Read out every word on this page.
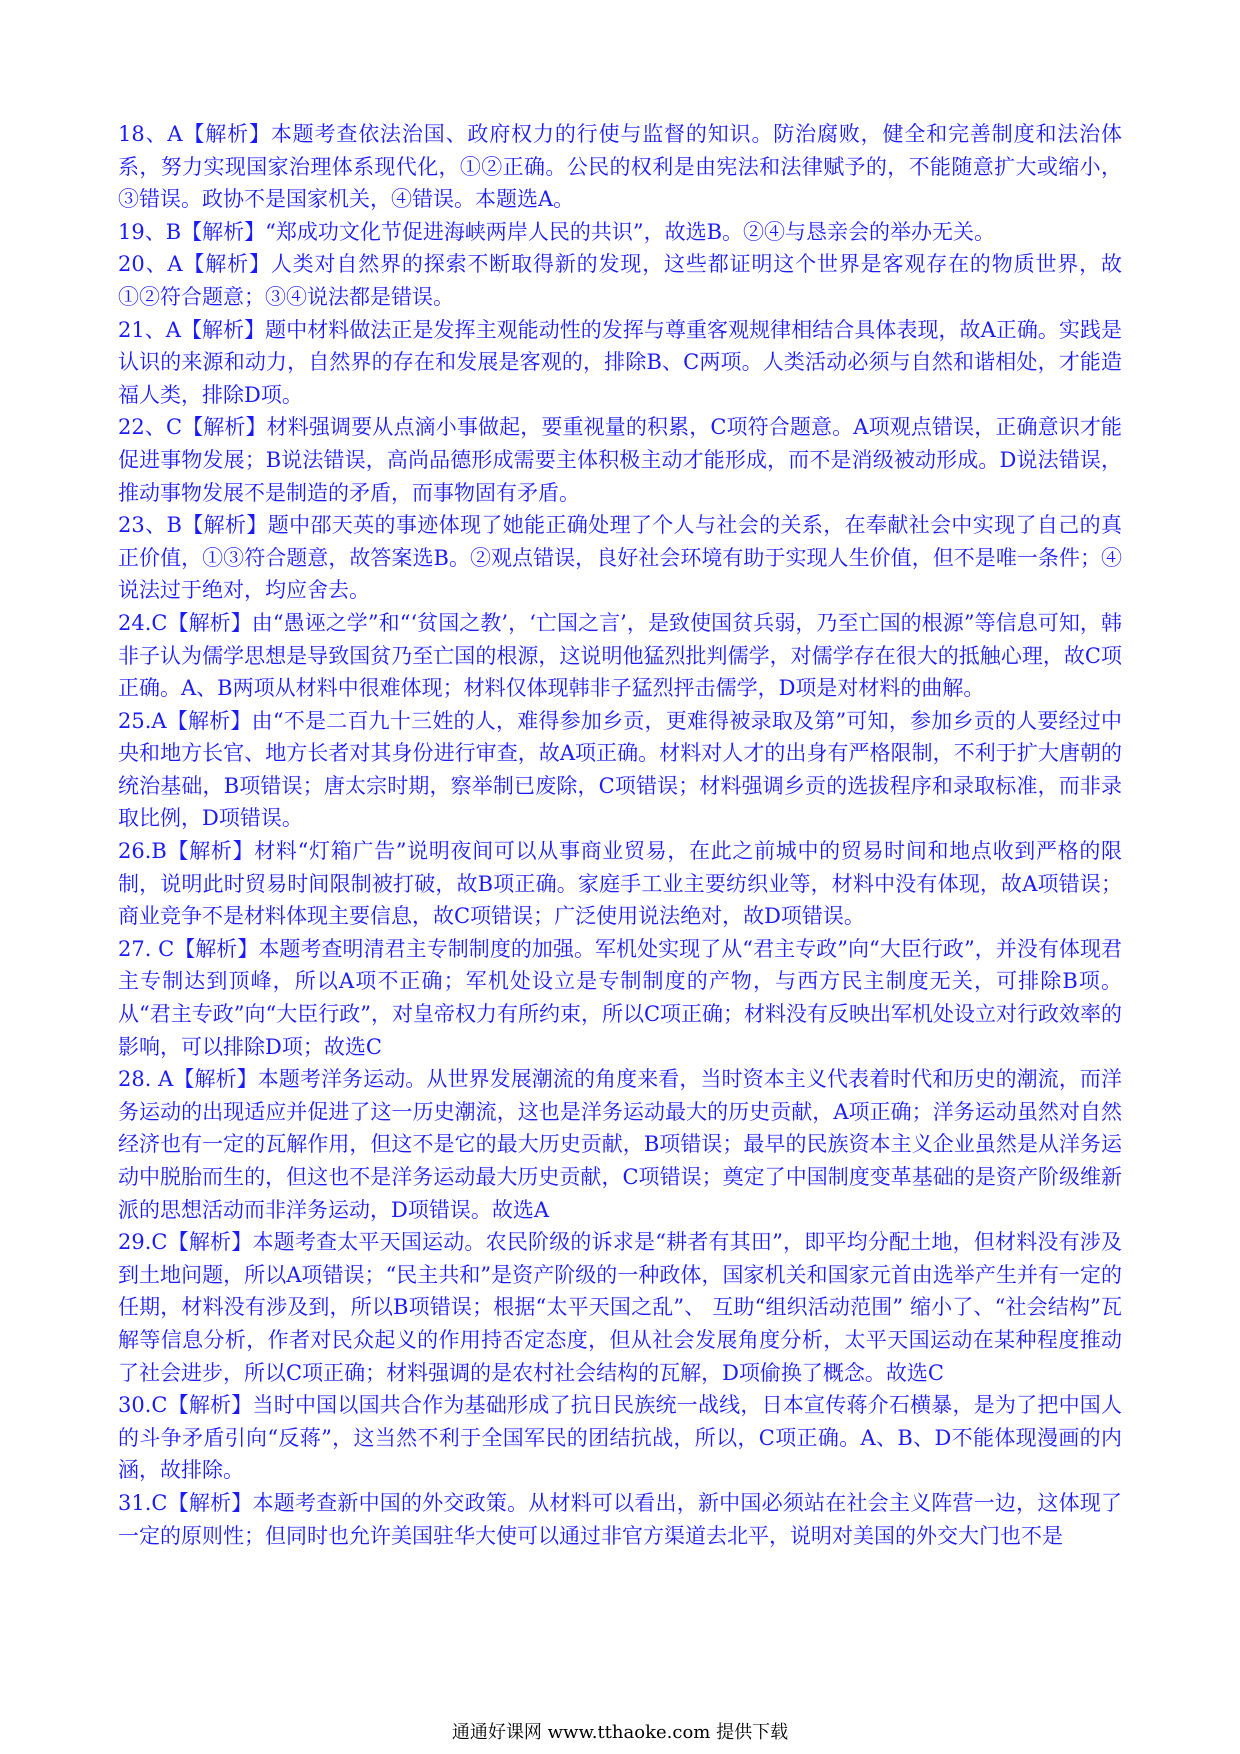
18、A【解析】本题考查依法治国、政府权力的行使与监督的知识。防治腐败，健全和完善制度和法治体系，努力实现国家治理体系现代化，①②正确。公民的权利是由宪法和法律赋予的，不能随意扩大或缩小，③错误。政协不是国家机关，④错误。本题选A。

19、B【解析】“郑成功文化节促进海峡两岸人民的共识”，故选B。②④与恳亲会的举办无关。

20、A【解析】人类对自然界的探索不断取得新的发现，这些都证明这个世界是客观存在的物质世界，故①②符合题意；③④说法都是错误。

21、A【解析】题中材料做法正是发挥主观能动性的发挥与尊重客观规律相结合具体表现，故A正确。实践是认识的来源和动力，自然界的存在和发展是客观的，排除B、C两项。人类活动必须与自然和谐相处，才能造福人类，排除D项。

22、C【解析】材料强调要从点滴小事做起，要重视量的积累，C项符合题意。A项观点错误，正确意识才能促进事物发展；B说法错误，高尚品德形成需要主体积极主动才能形成，而不是消级被动形成。D说法错误，推动事物发展不是制造的矛盾，而事物固有矛盾。

23、B【解析】题中邵天英的事迹体现了她能正确处理了个人与社会的关系，在奉献社会中实现了自己的真正价值，①③符合题意，故答案选B。②观点错误，良好社会环境有助于实现人生价值，但不是唯一条件；④说法过于绝对，均应舍去。

24.C【解析】由“愚诬之学”和“‘贫国之教’，‘亡国之言’，是致使国贫兵弱，乃至亡国的根源”等信息可知，韩非子认为儒学思想是导致国贫乃至亡国的根源，这说明他猛烈批判儒学，对儒学存在很大的抵触心理，故C项正确。A、B两项从材料中很难体现；材料仅体现韩非子猛烈抨击儒学，D项是对材料的曲解。

25.A【解析】由“不是二百九十三姓的人，难得参加乡贡，更难得被录取及第”可知，参加乡贡的人要经过中央和地方长官、地方长者对其身份进行审查，故A项正确。材料对人才的出身有严格限制，不利于扩大唐朝的统治基础，B项错误；唐太宗时期，察举制已废除，C项错误；材料强调乡贡的选拔程序和录取标准，而非录取比例，D项错误。

26.B【解析】材料“灯箱广告”说明夜间可以从事商业贸易，在此之前城中的贸易时间和地点收到严格的限制，说明此时贸易时间限制被打破，故B项正确。家庭手工业主要纺织业等，材料中没有体现，故A项错误；商业竞争不是材料体现主要信息，故C项错误；广泛使用说法绝对，故D项错误。

27. C【解析】本题考查明清君主专制制度的加强。军机处实现了从“君主专政”向“大臣行政”，并没有体现君主专制达到顶峰，所以A项不正确；军机处设立是专制制度的产物，与西方民主制度无关，可排除B项。从“君主专政”向“大臣行政”，对皇帝权力有所约束，所以C项正确；材料没有反映出军机处设立对行政效率的影响，可以排除D项；故选C

28. A【解析】本题考洋务运动。从世界发展潮流的角度来看，当时资本主义代表着时代和历史的潮流，而洋务运动的出现适应并促进了这一历史潮流，这也是洋务运动最大的历史贡献，A项正确；洋务运动虽然对自然经济也有一定的瓦解作用，但这不是它的最大历史贡献，B项错误；最早的民族资本主义企业虽然是从洋务运动中脱胎而生的，但这也不是洋务运动最大历史贡献，C项错误；奠定了中国制度变革基础的是资产阶级维新派的思想活动而非洋务运动，D项错误。故选A

29.C【解析】本题考查太平天国运动。农民阶级的诉求是“耕者有其田”，即平均分配土地，但材料没有涉及到土地问题，所以A项错误；“民主共和”是资产阶级的一种政体，国家机关和国家元首由选举产生并有一定的任期，材料没有涉及到，所以B项错误；根据“太平天国之乱”、 互助“组织活动范围” 缩小了、“社会结构”瓦解等信息分析，作者对民众起义的作用持否定态度，但从社会发展角度分析，太平天国运动在某种程度推动了社会进步，所以C项正确；材料强调的是农村社会结构的瓦解，D项偷换了概念。故选C

30.C【解析】当时中国以国共合作为基础形成了抗日民族统一战线，日本宣传蒋介石横暴，是为了把中国人的斗争矛盾引向“反蒋”，这当然不利于全国军民的团结抗战，所以，C项正确。A、B、D不能体现漫画的内涵，故排除。

31.C【解析】本题考查新中国的外交政策。从材料可以看出，新中国必须站在社会主义阵营一边，这体现了一定的原则性；但同时也允许美国驻华大使可以通过非官方渠道去北平，说明对美国的外交大门也不是

通通好课网 www.tthaoke.com 提供下载
